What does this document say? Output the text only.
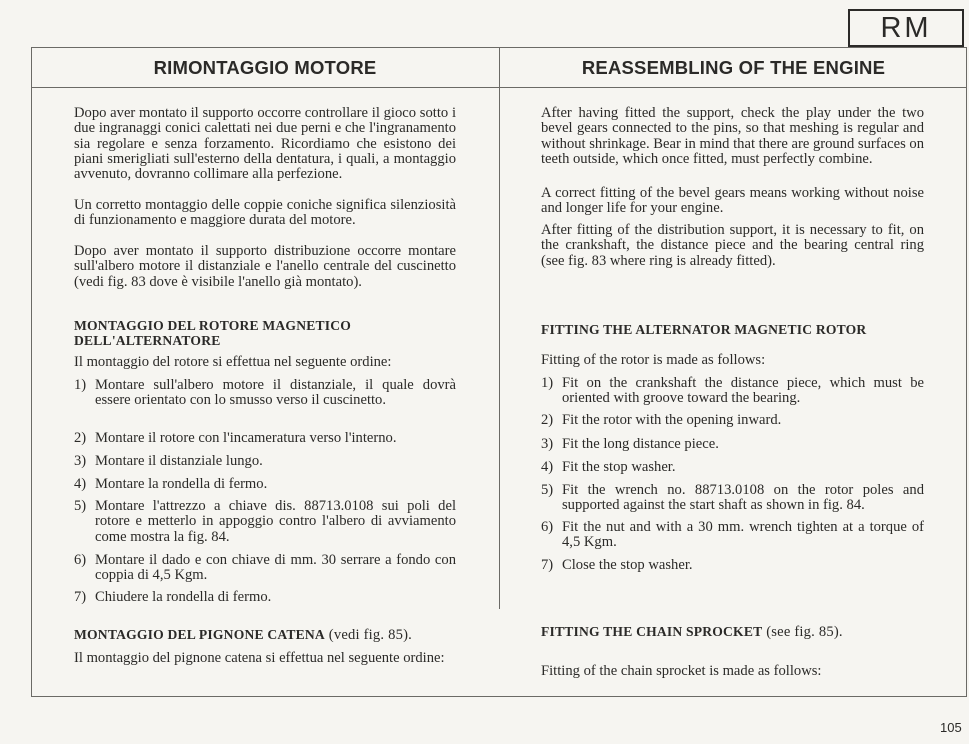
RM
RIMONTAGGIO MOTORE	REASSEMBLING OF THE ENGINE

Dopo aver montato il supporto occorre controllare il gioco sotto i due ingranaggi conici calettati nei due perni e che l'ingranamento sia regolare e senza forzamento. Ricordiamo che esistono dei piani smerigliati sull'esterno della dentatura, i quali, a montaggio avvenuto, dovranno collimare alla perfezione.

Un corretto montaggio delle coppie coniche significa silenziosità di funzionamento e maggiore durata del motore.

Dopo aver montato il supporto distribuzione occorre montare sull'albero motore il distanziale e l'anello centrale del cuscinetto (vedi fig. 83 dove è visibile l'anello già montato).

MONTAGGIO DEL ROTORE MAGNETICO DELL'ALTERNATORE

Il montaggio del rotore si effettua nel seguente ordine:

1) Montare sull'albero motore il distanziale, il quale dovrà essere orientato con lo smusso verso il cuscinetto.
2) Montare il rotore con l'incameratura verso l'interno.
3) Montare il distanziale lungo.
4) Montare la rondella di fermo.
5) Montare l'attrezzo a chiave dis. 88713.0108 sui poli del rotore e metterlo in appoggio contro l'albero di avviamento come mostra la fig. 84.
6) Montare il dado e con chiave di mm. 30 serrare a fondo con coppia di 4,5 Kgm.
7) Chiudere la rondella di fermo.

MONTAGGIO DEL PIGNONE CATENA (vedi fig. 85).

Il montaggio del pignone catena si effettua nel seguente ordine:

After having fitted the support, check the play under the two bevel gears connected to the pins, so that meshing is regular and without shrinkage. Bear in mind that there are ground surfaces on teeth outside, which once fitted, must perfectly combine.

A correct fitting of the bevel gears means working without noise and longer life for your engine.

After fitting of the distribution support, it is necessary to fit, on the crankshaft, the distance piece and the bearing central ring (see fig. 83 where ring is already fitted).

FITTING THE ALTERNATOR MAGNETIC ROTOR

Fitting of the rotor is made as follows:

1) Fit on the crankshaft the distance piece, which must be oriented with groove toward the bearing.
2) Fit the rotor with the opening inward.
3) Fit the long distance piece.
4) Fit the stop washer.
5) Fit the wrench no. 88713.0108 on the rotor poles and supported against the start shaft as shown in fig. 84.
6) Fit the nut and with a 30 mm. wrench tighten at a torque of 4,5 Kgm.
7) Close the stop washer.

FITTING THE CHAIN SPROCKET (see fig. 85).

Fitting of the chain sprocket is made as follows:

105
